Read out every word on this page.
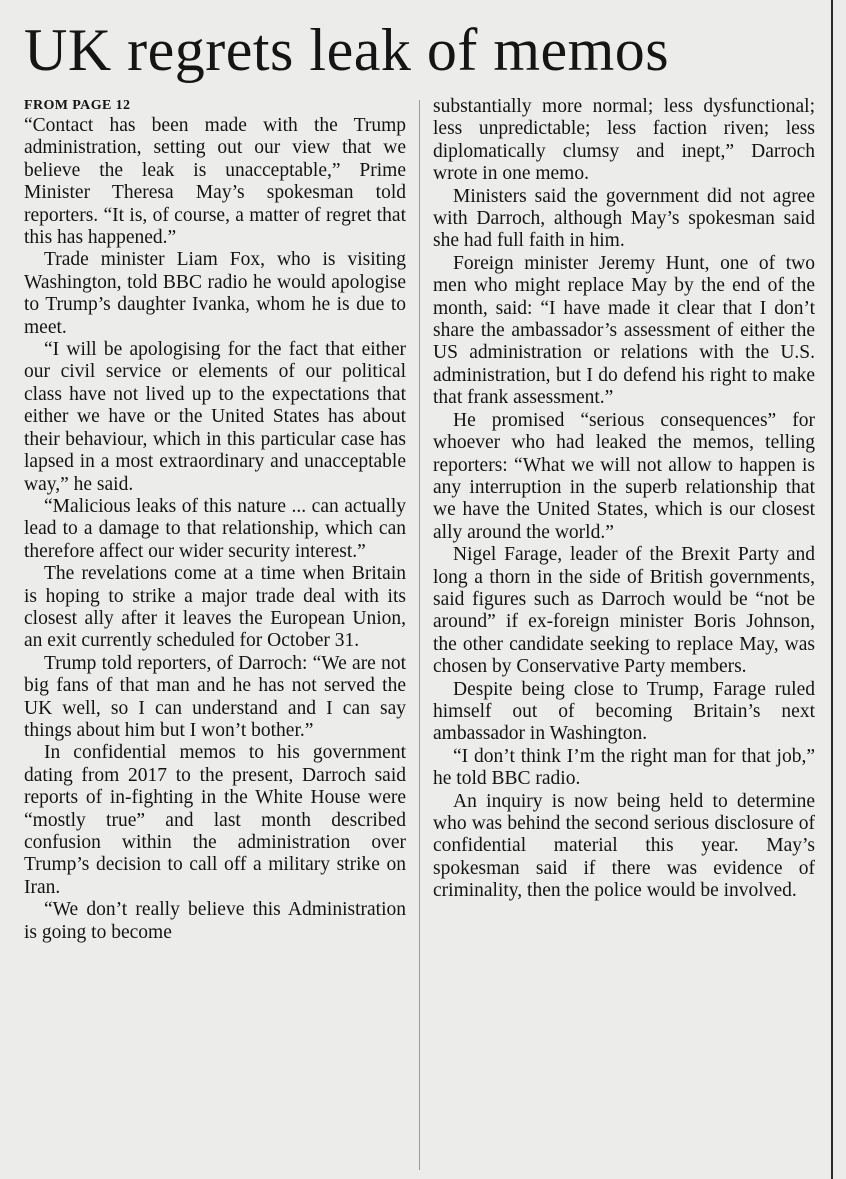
UK regrets leak of memos
FROM PAGE 12

“Contact has been made with the Trump administration, setting out our view that we believe the leak is unacceptable,” Prime Minister Theresa May’s spokesman told reporters. “It is, of course, a matter of regret that this has happened.”

Trade minister Liam Fox, who is visiting Washington, told BBC radio he would apologise to Trump’s daughter Ivanka, whom he is due to meet.

“I will be apologising for the fact that either our civil service or elements of our political class have not lived up to the expectations that either we have or the United States has about their behaviour, which in this particular case has lapsed in a most extraordinary and unacceptable way,” he said.

“Malicious leaks of this nature ... can actually lead to a damage to that relationship, which can therefore affect our wider security interest.”

The revelations come at a time when Britain is hoping to strike a major trade deal with its closest ally after it leaves the European Union, an exit currently scheduled for October 31.

Trump told reporters, of Darroch: “We are not big fans of that man and he has not served the UK well, so I can understand and I can say things about him but I won’t bother.”

In confidential memos to his government dating from 2017 to the present, Darroch said reports of in-fighting in the White House were “mostly true” and last month described confusion within the administration over Trump’s decision to call off a military strike on Iran.

“We don’t really believe this Administration is going to become

substantially more normal; less dysfunctional; less unpredictable; less faction riven; less diplomatically clumsy and inept,” Darroch wrote in one memo.

Ministers said the government did not agree with Darroch, although May’s spokesman said she had full faith in him.

Foreign minister Jeremy Hunt, one of two men who might replace May by the end of the month, said: “I have made it clear that I don’t share the ambassador’s assessment of either the US administration or relations with the U.S. administration, but I do defend his right to make that frank assessment.”

He promised “serious consequences” for whoever who had leaked the memos, telling reporters: “What we will not allow to happen is any interruption in the superb relationship that we have the United States, which is our closest ally around the world.”

Nigel Farage, leader of the Brexit Party and long a thorn in the side of British governments, said figures such as Darroch would be “not be around” if ex-foreign minister Boris Johnson, the other candidate seeking to replace May, was chosen by Conservative Party members.

Despite being close to Trump, Farage ruled himself out of becoming Britain’s next ambassador in Washington.

“I don’t think I’m the right man for that job,” he told BBC radio.

An inquiry is now being held to determine who was behind the second serious disclosure of confidential material this year. May’s spokesman said if there was evidence of criminality, then the police would be involved.
